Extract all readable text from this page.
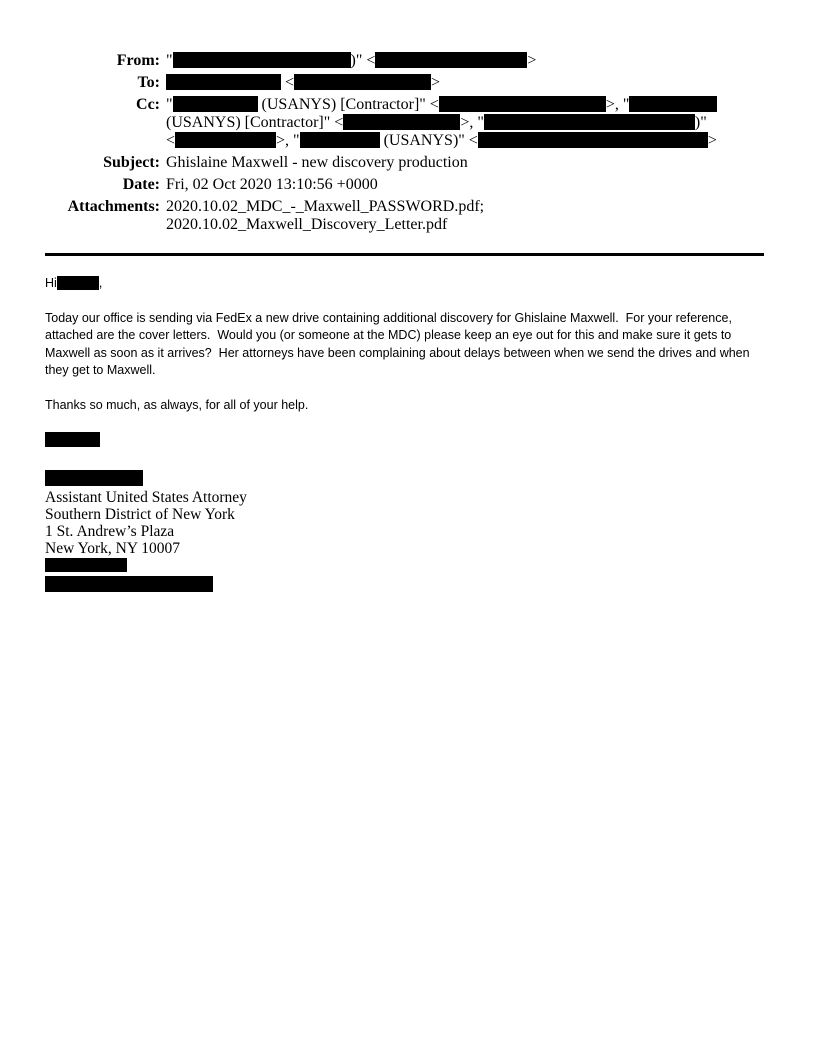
From: "	)" <	>
To:	<	>
Cc: "	(USANYS) [Contractor]" <	>, "
(USANYS) [Contractor]" <	>, "	)"
<	>, "	(USANYS)" <	>
Subject: Ghislaine Maxwell - new discovery production
Date: Fri, 02 Oct 2020 13:10:56 +0000
Attachments: 2020.10.02_MDC_-_Maxwell_PASSWORD.pdf;
2020.10.02_Maxwell_Discovery_Letter.pdf

Hi	,

Today our office is sending via FedEx a new drive containing additional discovery for Ghislaine Maxwell.  For your reference, attached are the cover letters.  Would you (or someone at the MDC) please keep an eye out for this and make sure it gets to Maxwell as soon as it arrives?  Her attorneys have been complaining about delays between when we send the drives and when they get to Maxwell.

Thanks so much, as always, for all of your help.

Assistant United States Attorney
Southern District of New York
1 St. Andrew’s Plaza
New York, NY 10007
